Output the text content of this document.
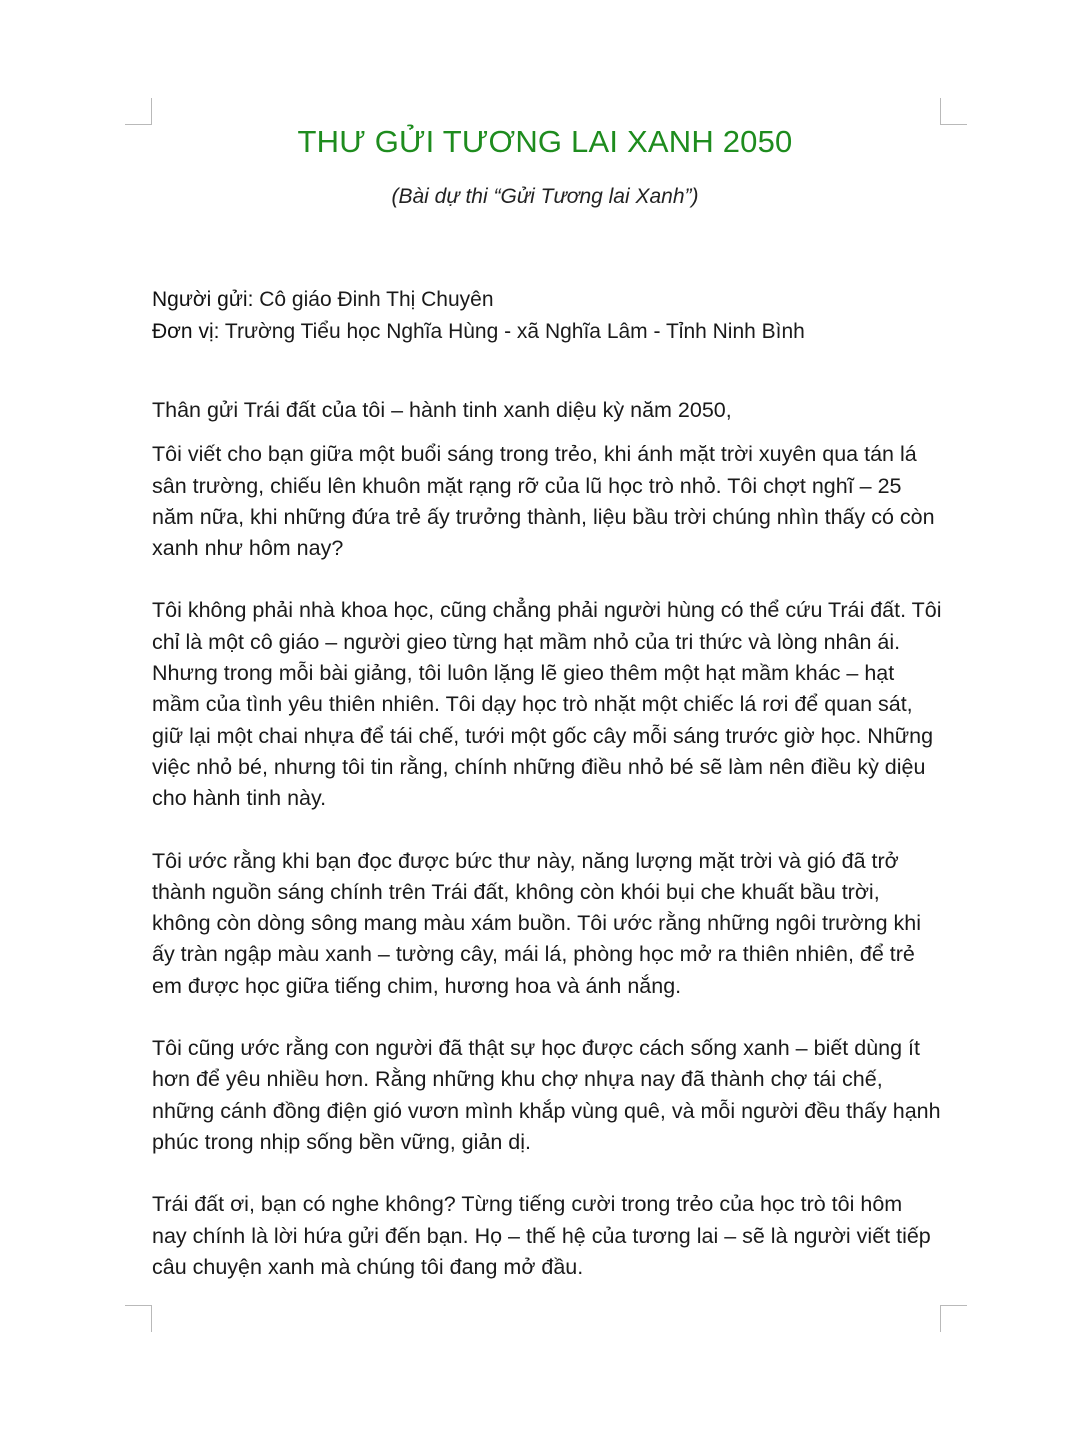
THƯ GỬI TƯƠNG LAI XANH 2050

(Bài dự thi “Gửi Tương lai Xanh”)

Người gửi: Cô giáo Đinh Thị Chuyên
Đơn vị: Trường Tiểu học Nghĩa Hùng - xã Nghĩa Lâm - Tỉnh Ninh Bình

Thân gửi Trái đất của tôi – hành tinh xanh diệu kỳ năm 2050,

Tôi viết cho bạn giữa một buổi sáng trong trẻo, khi ánh mặt trời xuyên qua tán lá sân trường, chiếu lên khuôn mặt rạng rỡ của lũ học trò nhỏ. Tôi chợt nghĩ – 25 năm nữa, khi những đứa trẻ ấy trưởng thành, liệu bầu trời chúng nhìn thấy có còn xanh như hôm nay?

Tôi không phải nhà khoa học, cũng chẳng phải người hùng có thể cứu Trái đất. Tôi chỉ là một cô giáo – người gieo từng hạt mầm nhỏ của tri thức và lòng nhân ái. Nhưng trong mỗi bài giảng, tôi luôn lặng lẽ gieo thêm một hạt mầm khác – hạt mầm của tình yêu thiên nhiên. Tôi dạy học trò nhặt một chiếc lá rơi để quan sát, giữ lại một chai nhựa để tái chế, tưới một gốc cây mỗi sáng trước giờ học. Những việc nhỏ bé, nhưng tôi tin rằng, chính những điều nhỏ bé sẽ làm nên điều kỳ diệu cho hành tinh này.

Tôi ước rằng khi bạn đọc được bức thư này, năng lượng mặt trời và gió đã trở thành nguồn sáng chính trên Trái đất, không còn khói bụi che khuất bầu trời, không còn dòng sông mang màu xám buồn. Tôi ước rằng những ngôi trường khi ấy tràn ngập màu xanh – tường cây, mái lá, phòng học mở ra thiên nhiên, để trẻ em được học giữa tiếng chim, hương hoa và ánh nắng.

Tôi cũng ước rằng con người đã thật sự học được cách sống xanh – biết dùng ít hơn để yêu nhiều hơn. Rằng những khu chợ nhựa nay đã thành chợ tái chế, những cánh đồng điện gió vươn mình khắp vùng quê, và mỗi người đều thấy hạnh phúc trong nhịp sống bền vững, giản dị.

Trái đất ơi, bạn có nghe không? Từng tiếng cười trong trẻo của học trò tôi hôm nay chính là lời hứa gửi đến bạn. Họ – thế hệ của tương lai – sẽ là người viết tiếp câu chuyện xanh mà chúng tôi đang mở đầu.
